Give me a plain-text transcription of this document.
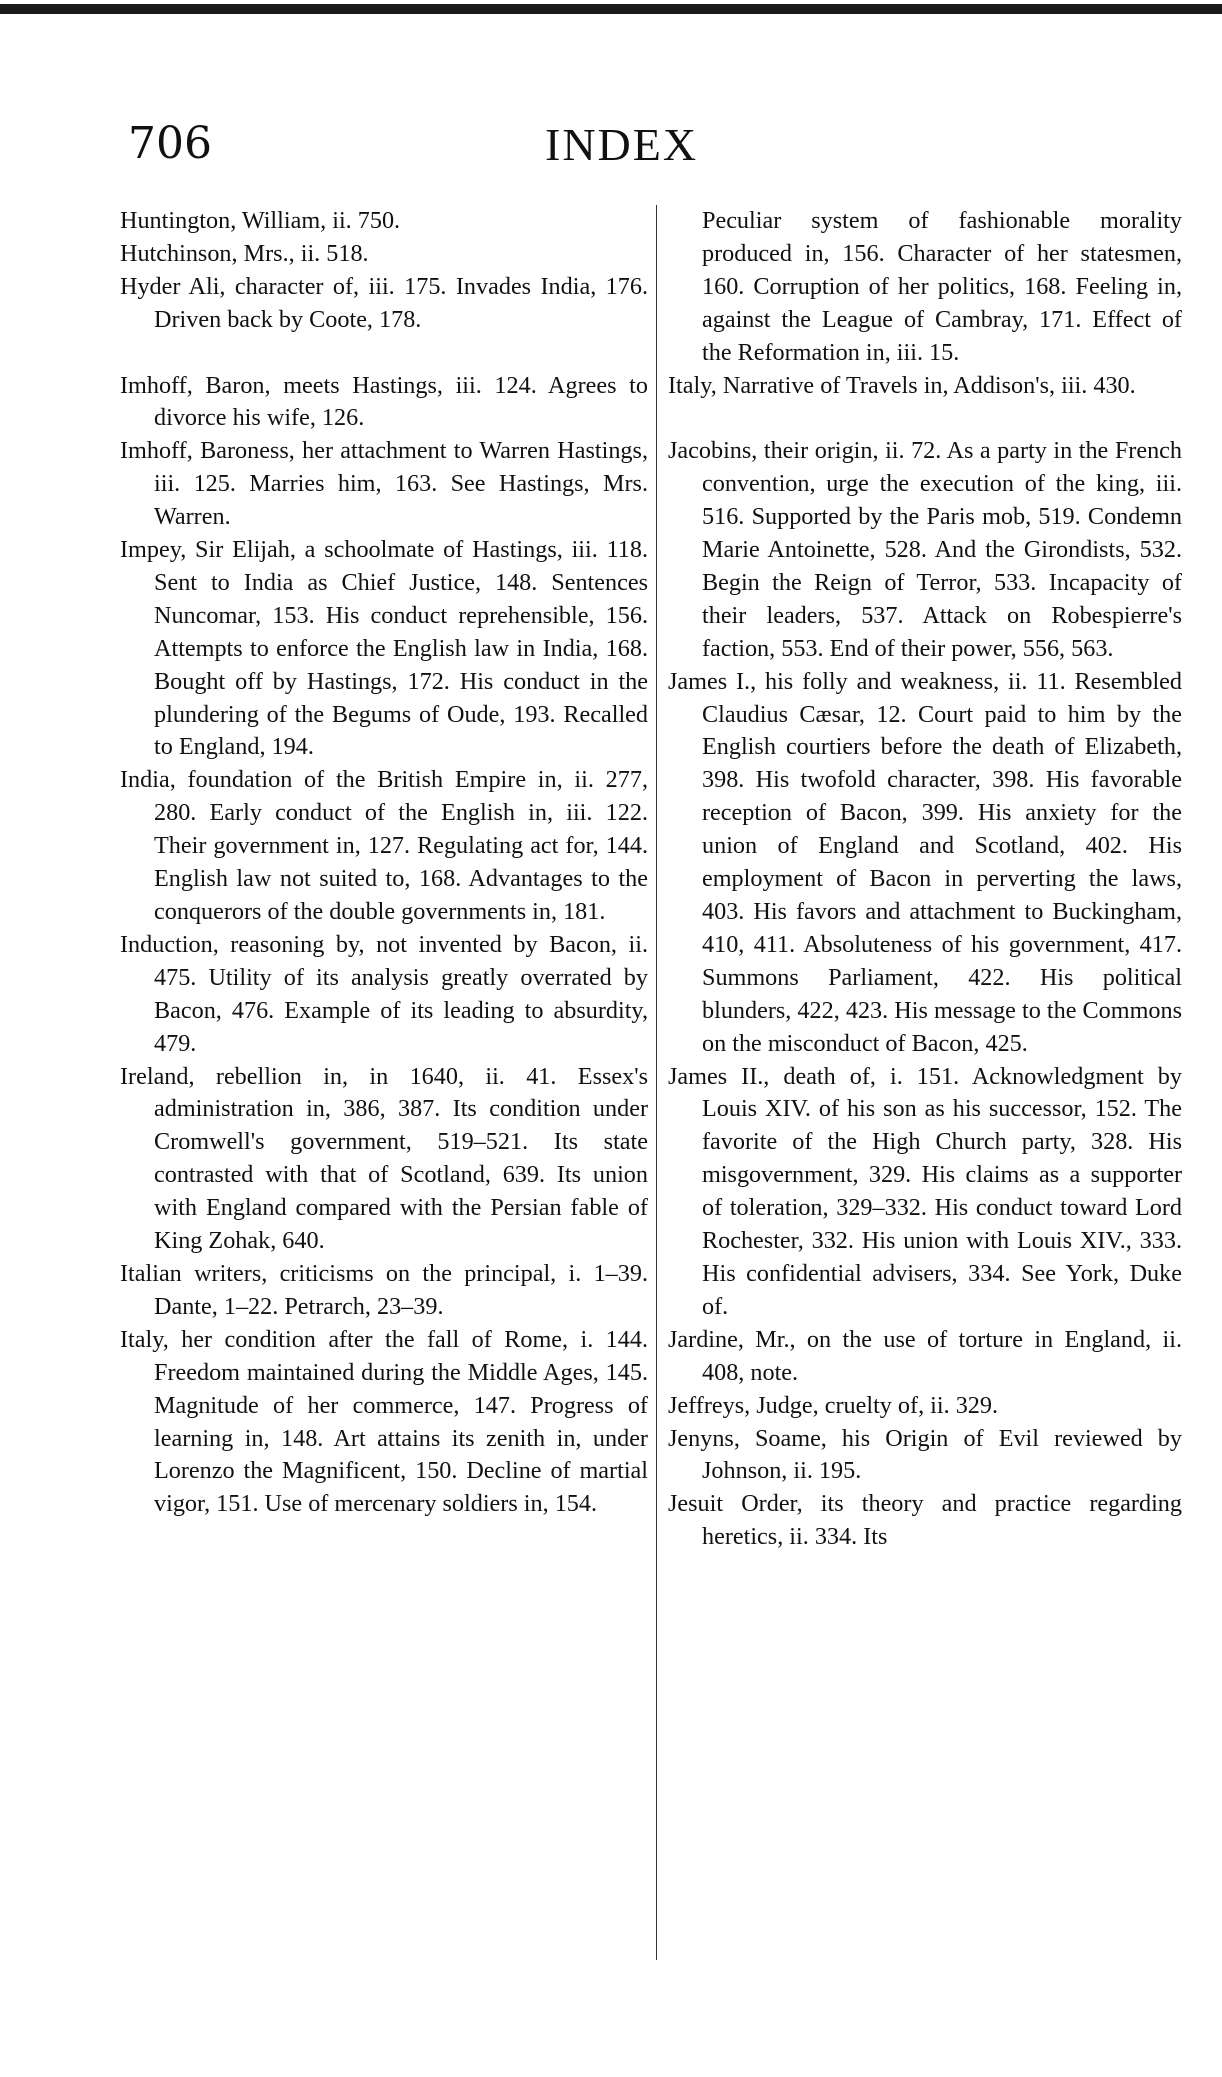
706	INDEX

Huntington, William, ii. 750.

Hutchinson, Mrs., ii. 518.

Hyder Ali, character of, iii. 175. Invades India, 176. Driven back by Coote, 178.

Imhoff, Baron, meets Hastings, iii. 124. Agrees to divorce his wife, 126.

Imhoff, Baroness, her attachment to Warren Hastings, iii. 125. Marries him, 163. See Hastings, Mrs. Warren.

Impey, Sir Elijah, a schoolmate of Hastings, iii. 118. Sent to India as Chief Justice, 148. Sentences Nuncomar, 153. His conduct reprehensible, 156. Attempts to enforce the English law in India, 168. Bought off by Hastings, 172. His conduct in the plundering of the Begums of Oude, 193. Recalled to England, 194.

India, foundation of the British Empire in, ii. 277, 280. Early conduct of the English in, iii. 122. Their government in, 127. Regulating act for, 144. English law not suited to, 168. Advantages to the conquerors of the double governments in, 181.

Induction, reasoning by, not invented by Bacon, ii. 475. Utility of its analysis greatly overrated by Bacon, 476. Example of its leading to absurdity, 479.

Ireland, rebellion in, in 1640, ii. 41. Essex's administration in, 386, 387. Its condition under Cromwell's government, 519–521. Its state contrasted with that of Scotland, 639. Its union with England compared with the Persian fable of King Zohak, 640.

Italian writers, criticisms on the principal, i. 1–39. Dante, 1–22. Petrarch, 23–39.

Italy, her condition after the fall of Rome, i. 144. Freedom maintained during the Middle Ages, 145. Magnitude of her commerce, 147. Progress of learning in, 148. Art attains its zenith in, under Lorenzo the Magnificent, 150. Decline of martial vigor, 151. Use of mercenary soldiers in, 154.

Peculiar system of fashionable morality produced in, 156. Character of her statesmen, 160. Corruption of her politics, 168. Feeling in, against the League of Cambray, 171. Effect of the Reformation in, iii. 15.

Italy, Narrative of Travels in, Addison's, iii. 430.

Jacobins, their origin, ii. 72. As a party in the French convention, urge the execution of the king, iii. 516. Supported by the Paris mob, 519. Condemn Marie Antoinette, 528. And the Girondists, 532. Begin the Reign of Terror, 533. Incapacity of their leaders, 537. Attack on Robespierre's faction, 553. End of their power, 556, 563.

James I., his folly and weakness, ii. 11. Resembled Claudius Cæsar, 12. Court paid to him by the English courtiers before the death of Elizabeth, 398. His twofold character, 398. His favorable reception of Bacon, 399. His anxiety for the union of England and Scotland, 402. His employment of Bacon in perverting the laws, 403. His favors and attachment to Buckingham, 410, 411. Absoluteness of his government, 417. Summons Parliament, 422. His political blunders, 422, 423. His message to the Commons on the misconduct of Bacon, 425.

James II., death of, i. 151. Acknowledgment by Louis XIV. of his son as his successor, 152. The favorite of the High Church party, 328. His misgovernment, 329. His claims as a supporter of toleration, 329–332. His conduct toward Lord Rochester, 332. His union with Louis XIV., 333. His confidential advisers, 334. See York, Duke of.

Jardine, Mr., on the use of torture in England, ii. 408, note.

Jeffreys, Judge, cruelty of, ii. 329.

Jenyns, Soame, his Origin of Evil reviewed by Johnson, ii. 195.

Jesuit Order, its theory and practice regarding heretics, ii. 334. Its
